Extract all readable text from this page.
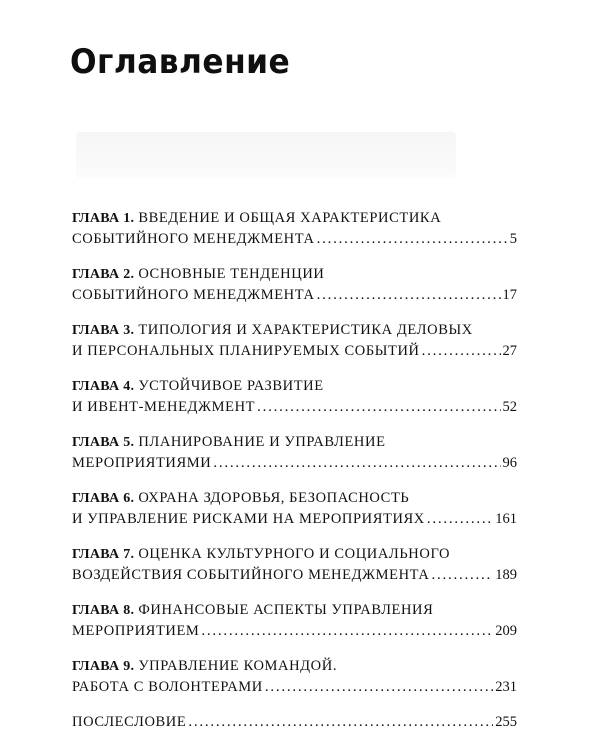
Оглавление
ГЛАВА 1. ВВЕДЕНИЕ И ОБЩАЯ ХАРАКТЕРИСТИКА
СОБЫТИЙНОГО МЕНЕДЖМЕНТА . . .	5
ГЛАВА 2. ОСНОВНЫЕ ТЕНДЕНЦИИ
СОБЫТИЙНОГО МЕНЕДЖМЕНТА . . .	17
ГЛАВА 3. ТИПОЛОГИЯ И ХАРАКТЕРИСТИКА ДЕЛОВЫХ
И ПЕРСОНАЛЬНЫХ ПЛАНИРУЕМЫХ СОБЫТИЙ . . .	27
ГЛАВА 4. УСТОЙЧИВОЕ РАЗВИТИЕ
И ИВЕНТ-МЕНЕДЖМЕНТ . . .	52
ГЛАВА 5. ПЛАНИРОВАНИЕ И УПРАВЛЕНИЕ
МЕРОПРИЯТИЯМИ . . .	96
ГЛАВА 6. ОХРАНА ЗДОРОВЬЯ, БЕЗОПАСНОСТЬ
И УПРАВЛЕНИЕ РИСКАМИ НА МЕРОПРИЯТИЯХ . . .	161
ГЛАВА 7. ОЦЕНКА КУЛЬТУРНОГО И СОЦИАЛЬНОГО
ВОЗДЕЙСТВИЯ СОБЫТИЙНОГО МЕНЕДЖМЕНТА . . .	189
ГЛАВА 8. ФИНАНСОВЫЕ АСПЕКТЫ УПРАВЛЕНИЯ
МЕРОПРИЯТИЕМ . . .	209
ГЛАВА 9. УПРАВЛЕНИЕ КОМАНДОЙ.
РАБОТА С ВОЛОНТЕРАМИ . . .	231
ПОСЛЕСЛОВИЕ . . .	255
